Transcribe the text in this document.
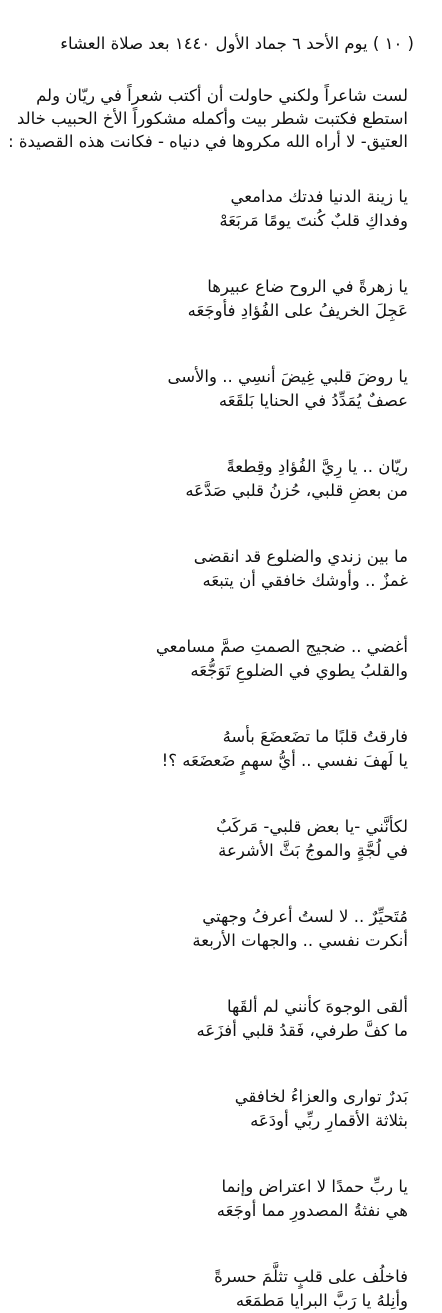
( ١٠ ) يوم الأحد ٦ جماد الأول ١٤٤٠ بعد صلاة العشاء

لست شاعراً ولكني حاولت أن أكتب شعراً في ريّان ولم
استطع فكتبت شطر بيت وأكمله مشكوراً الأخ الحبيب خالد
العتيق- لا أراه الله مكروها في دنياه - فكانت هذه القصيدة :
يا زينة الدنيا فدتك مدامعي
وفداكِ قلبٌ كُنتَ يومًا مَربَعَهْ
يا زهرةً في الروح ضاع عبيرها
عَجِلَ الخريفُ على الفُؤادِ فأوجَعَه
يا روضَ قلبي غِيضَ أنسِي .. والأسى
عصفٌ يُمَدِّدُ في الحنايا بَلقَعَه
ريّان .. يا رِيَّ الفُؤادِ وقِطعةً
من بعضِ قلبي، حُزنُ قلبي صَدَّعَه
ما بين زندي والضلوع قد انقضى
غمزٌ .. وأوشك خافقي أن يتبعَه
أغضي .. ضجيج الصمتِ صمَّ مسامعي
والقلبُ يطوي في الضلوعِ تَوَجُّعَه
فارقتُ قلبًا ما تضَعضَعَ بأسهُ
يا لَهفَ نفسي .. أيُّ سهمٍ ضَعضَعَه ؟!
لكأنَّني -يا بعض قلبي- مَركَبٌ
في لُجَّةٍ والموجُ بَثَّ الأشرعة
مُتَحيِّرٌ .. لا لستُ أعرفُ وجهتي
أنكرت نفسي .. والجهات الأربعة
ألقى الوجوهَ كأنني لم ألقَها
ما كفَّ طرفي، فَقدُ قلبي أفزَعَه
بَدرٌ توارى والعزاءُ لخافقي
بثلاثة الأقمارِ ربِّي أودَعَه
يا ربِّ حمدًا لا اعتراض وإنما
هي نفثةُ المصدورِ مما أوجَعَه
فاخلُف على قلبٍ تثلَّمَ حسرةً
وأنِلهُ يا رَبَّ البرايا مَطمَعَه
